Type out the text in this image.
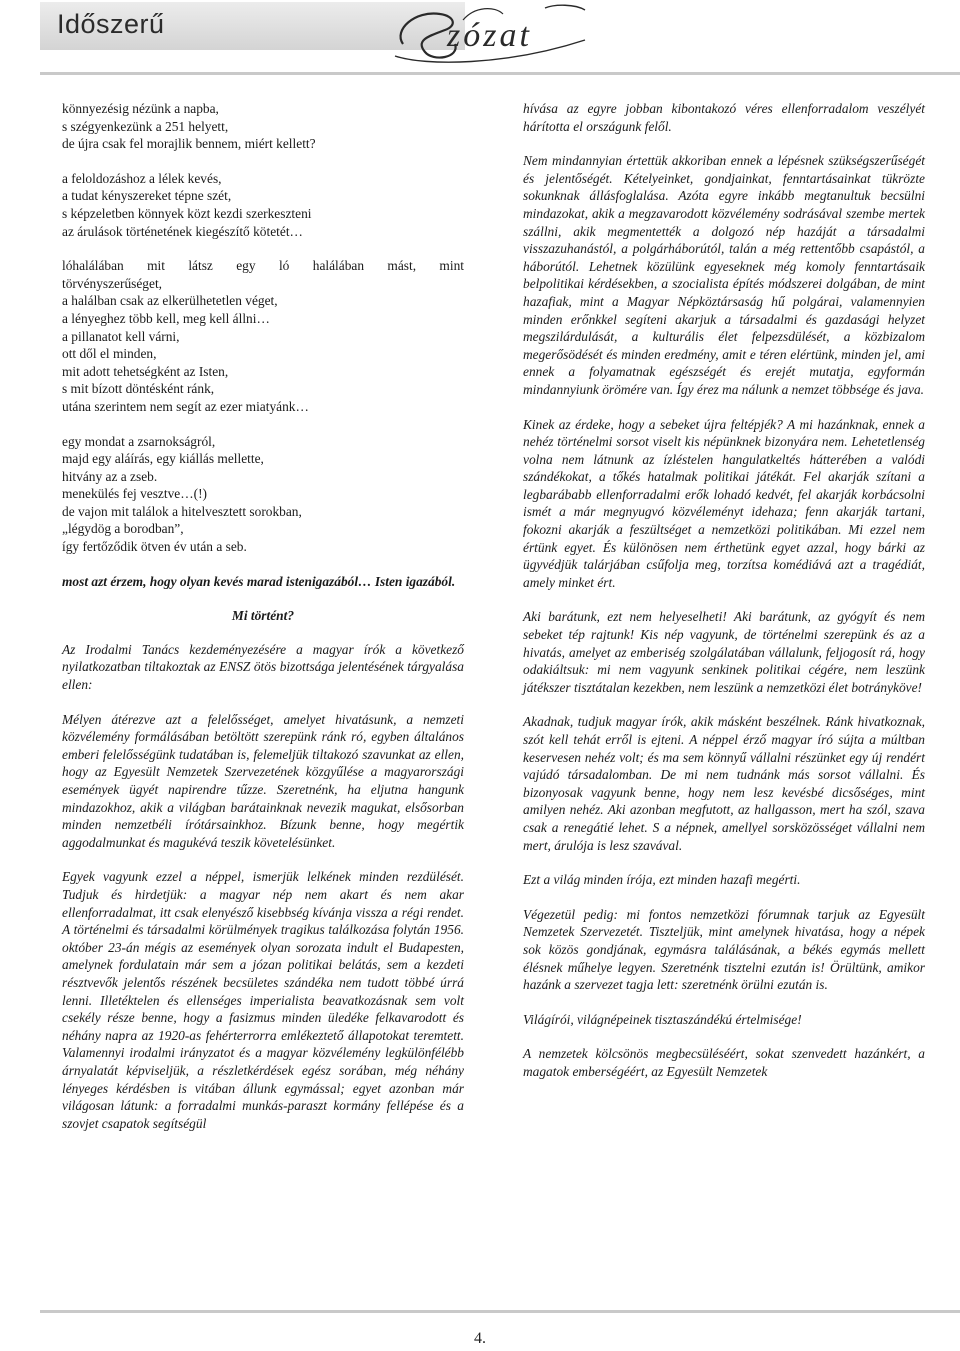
Időszerű	zózat
könnyezésig nézünk a napba,
s szégyenkezünk a 251 helyett,
de újra csak fel morajlik bennem, miért kellett?
a feloldozáshoz a lélek kevés,
a tudat kényszereket tépne szét,
s képzeletben könnyek közt kezdi szerkeszteni
az árulások történetének kiegészítő kötetét…
lóhalálában mit látsz egy ló halálában mást, mint
törvényszerűséget,
a halálban csak az elkerülhetetlen véget,
a lényeghez több kell, meg kell állni…
a pillanatot kell várni,
ott dől el minden,
mit adott tehetségként az Isten,
s mit bízott döntésként ránk,
utána szerintem nem segít az ezer miatyánk…
egy mondat a zsarnokságról,
majd egy aláírás, egy kiállás mellette,
hitvány az a zseb.
menekülés fej vesztve…(!)
de vajon mit találok a hitelvesztett sorokban,
„légydög a borodban”,
így fertőződik ötven év után a seb.
most azt érzem, hogy olyan kevés marad istenigazából… Isten igazából.
Mi történt?

Az Irodalmi Tanács kezdeményezésére a magyar írók a következő nyilatkozatban tiltakoztak az ENSZ ötös bizottsága jelentésének tárgyalása ellen:

Mélyen átérezve azt a felelősséget, amelyet hivatásunk, a nemzeti közvélemény formálásában betöltött szerepünk ránk ró, egyben általános emberi felelősségünk tudatában is, felemeljük tiltakozó szavunkat az ellen, hogy az Egyesült Nemzetek Szervezetének közgyűlése a magyarországi események ügyét napirendre tűzze. Szeretnénk, ha eljutna hangunk mindazokhoz, akik a világban barátainknak nevezik magukat, elsősorban minden nemzetbéli írótársainkhoz. Bízunk benne, hogy megértik aggodalmunkat és magukévá teszik követelésünket.

Egyek vagyunk ezzel a néppel, ismerjük lelkének minden rezdülését. Tudjuk és hirdetjük: a magyar nép nem akart és nem akar ellenforradalmat, itt csak elenyésző kisebbség kívánja vissza a régi rendet. A történelmi és társadalmi körülmények tragikus találkozása folytán 1956. október 23-án mégis az események olyan sorozata indult el Budapesten, amelynek fordulatain már sem a józan politikai belátás, sem a kezdeti résztvevők jelentős részének becsületes szándéka nem tudott többé úrrá lenni. Illetéktelen és ellenséges imperialista beavatkozásnak sem volt csekély része benne, hogy a fasizmus minden üledéke felkavarodott és néhány napra az 1920-as fehérterrorra emlékeztető állapotokat teremtett. Valamennyi irodalmi irányzatot és a magyar közvélemény legkülönfélébb árnyalatát képviseljük, a részletkérdések egész sorában, még néhány lényeges kérdésben is vitában állunk egymással; egyet azonban már világosan látunk: a forradalmi munkás-paraszt kormány fellépése és a szovjet csapatok segítségül

hívása az egyre jobban kibontakozó véres ellenforradalom veszélyét hárította el országunk felől.

Nem mindannyian értettük akkoriban ennek a lépésnek szükségszerűségét és jelentőségét. Kételyeinket, gondjainkat, fenntartásainkat tükrözte sokunknak állásfoglalása. Azóta egyre inkább megtanultuk becsülni mindazokat, akik a megzavarodott közvélemény sodrásával szembe mertek szállni, akik megmentették a dolgozó nép hazáját a társadalmi visszazuhanástól, a polgárháborútól, talán a még rettentőbb csapástól, a háborútól. Lehetnek közülünk egyeseknek még komoly fenntartásaik belpolitikai kérdésekben, a szocialista építés módszerei dolgában, de mint hazafiak, mint a Magyar Népköztársaság hű polgárai, valamennyien minden erőnkkel segíteni akarjuk a társadalmi és gazdasági helyzet megszilárdulását, a kulturális élet felpezsdülését, a közbizalom megerősödését és minden eredmény, amit e téren elértünk, minden jel, ami ennek a folyamatnak egészségét és erejét mutatja, egyformán mindannyiunk örömére van. Így érez ma nálunk a nemzet többsége és java.

Kinek az érdeke, hogy a sebeket újra feltépjék? A mi hazánknak, ennek a nehéz történelmi sorsot viselt kis népünknek bizonyára nem. Lehetetlenség volna nem látnunk az ízléstelen hangulatkeltés hátterében a valódi szándékokat, a tőkés hatalmak politikai játékát. Fel akarják szítani a legbarábabb ellenforradalmi erők lohadó kedvét, fel akarják korbácsolni ismét a már megnyugvó közvéleményt idehaza; fenn akarják tartani, fokozni akarják a feszültséget a nemzetközi politikában. Mi ezzel nem értünk egyet. És különösen nem érthetünk egyet azzal, hogy bárki az ügyvédjük talárjában csűfolja meg, torzítsa komédiává azt a tragédiát, amely minket ért.

Aki barátunk, ezt nem helyeselheti! Aki barátunk, az gyógyít és nem sebeket tép rajtunk! Kis nép vagyunk, de történelmi szerepünk és az a hivatás, amelyet az emberiség szolgálatában vállalunk, feljogosít rá, hogy odakiáltsuk: mi nem vagyunk senkinek politikai cégére, nem leszünk játékszer tisztátalan kezekben, nem leszünk a nemzetközi élet botrányköve!

Akadnak, tudjuk magyar írók, akik másként beszélnek. Ránk hivatkoznak, szót kell tehát erről is ejteni. A néppel érző magyar író sújta a múltban keservesen nehéz volt; és ma sem könnyű vállalni részünket egy új rendért vajúdó társadalomban. De mi nem tudnánk más sorsot vállalni. És bizonyosak vagyunk benne, hogy nem lesz kevésbé dicsőséges, mint amilyen nehéz. Aki azonban megfutott, az hallgasson, mert ha szól, szava csak a renegátié lehet. S a népnek, amellyel sorsközösséget vállalni nem mert, árulója is lesz szavával.

Ezt a világ minden írója, ezt minden hazafi megérti.

Végezetül pedig: mi fontos nemzetközi fórumnak tarjuk az Egyesült Nemzetek Szervezetét. Tiszteljük, mint amelynek hivatása, hogy a népek sok közös gondjának, egymásra találásának, a békés egymás mellett élésnek műhelye legyen. Szeretnénk tisztelni ezután is! Örültünk, amikor hazánk a szervezet tagja lett: szeretnénk örülni ezután is.

Világírói, világnépeinek tisztaszándékú értelmisége!

A nemzetek kölcsönös megbecsüléséért, sokat szenvedett hazánkért, a magatok emberségéért, az Egyesült Nemzetek

4.
